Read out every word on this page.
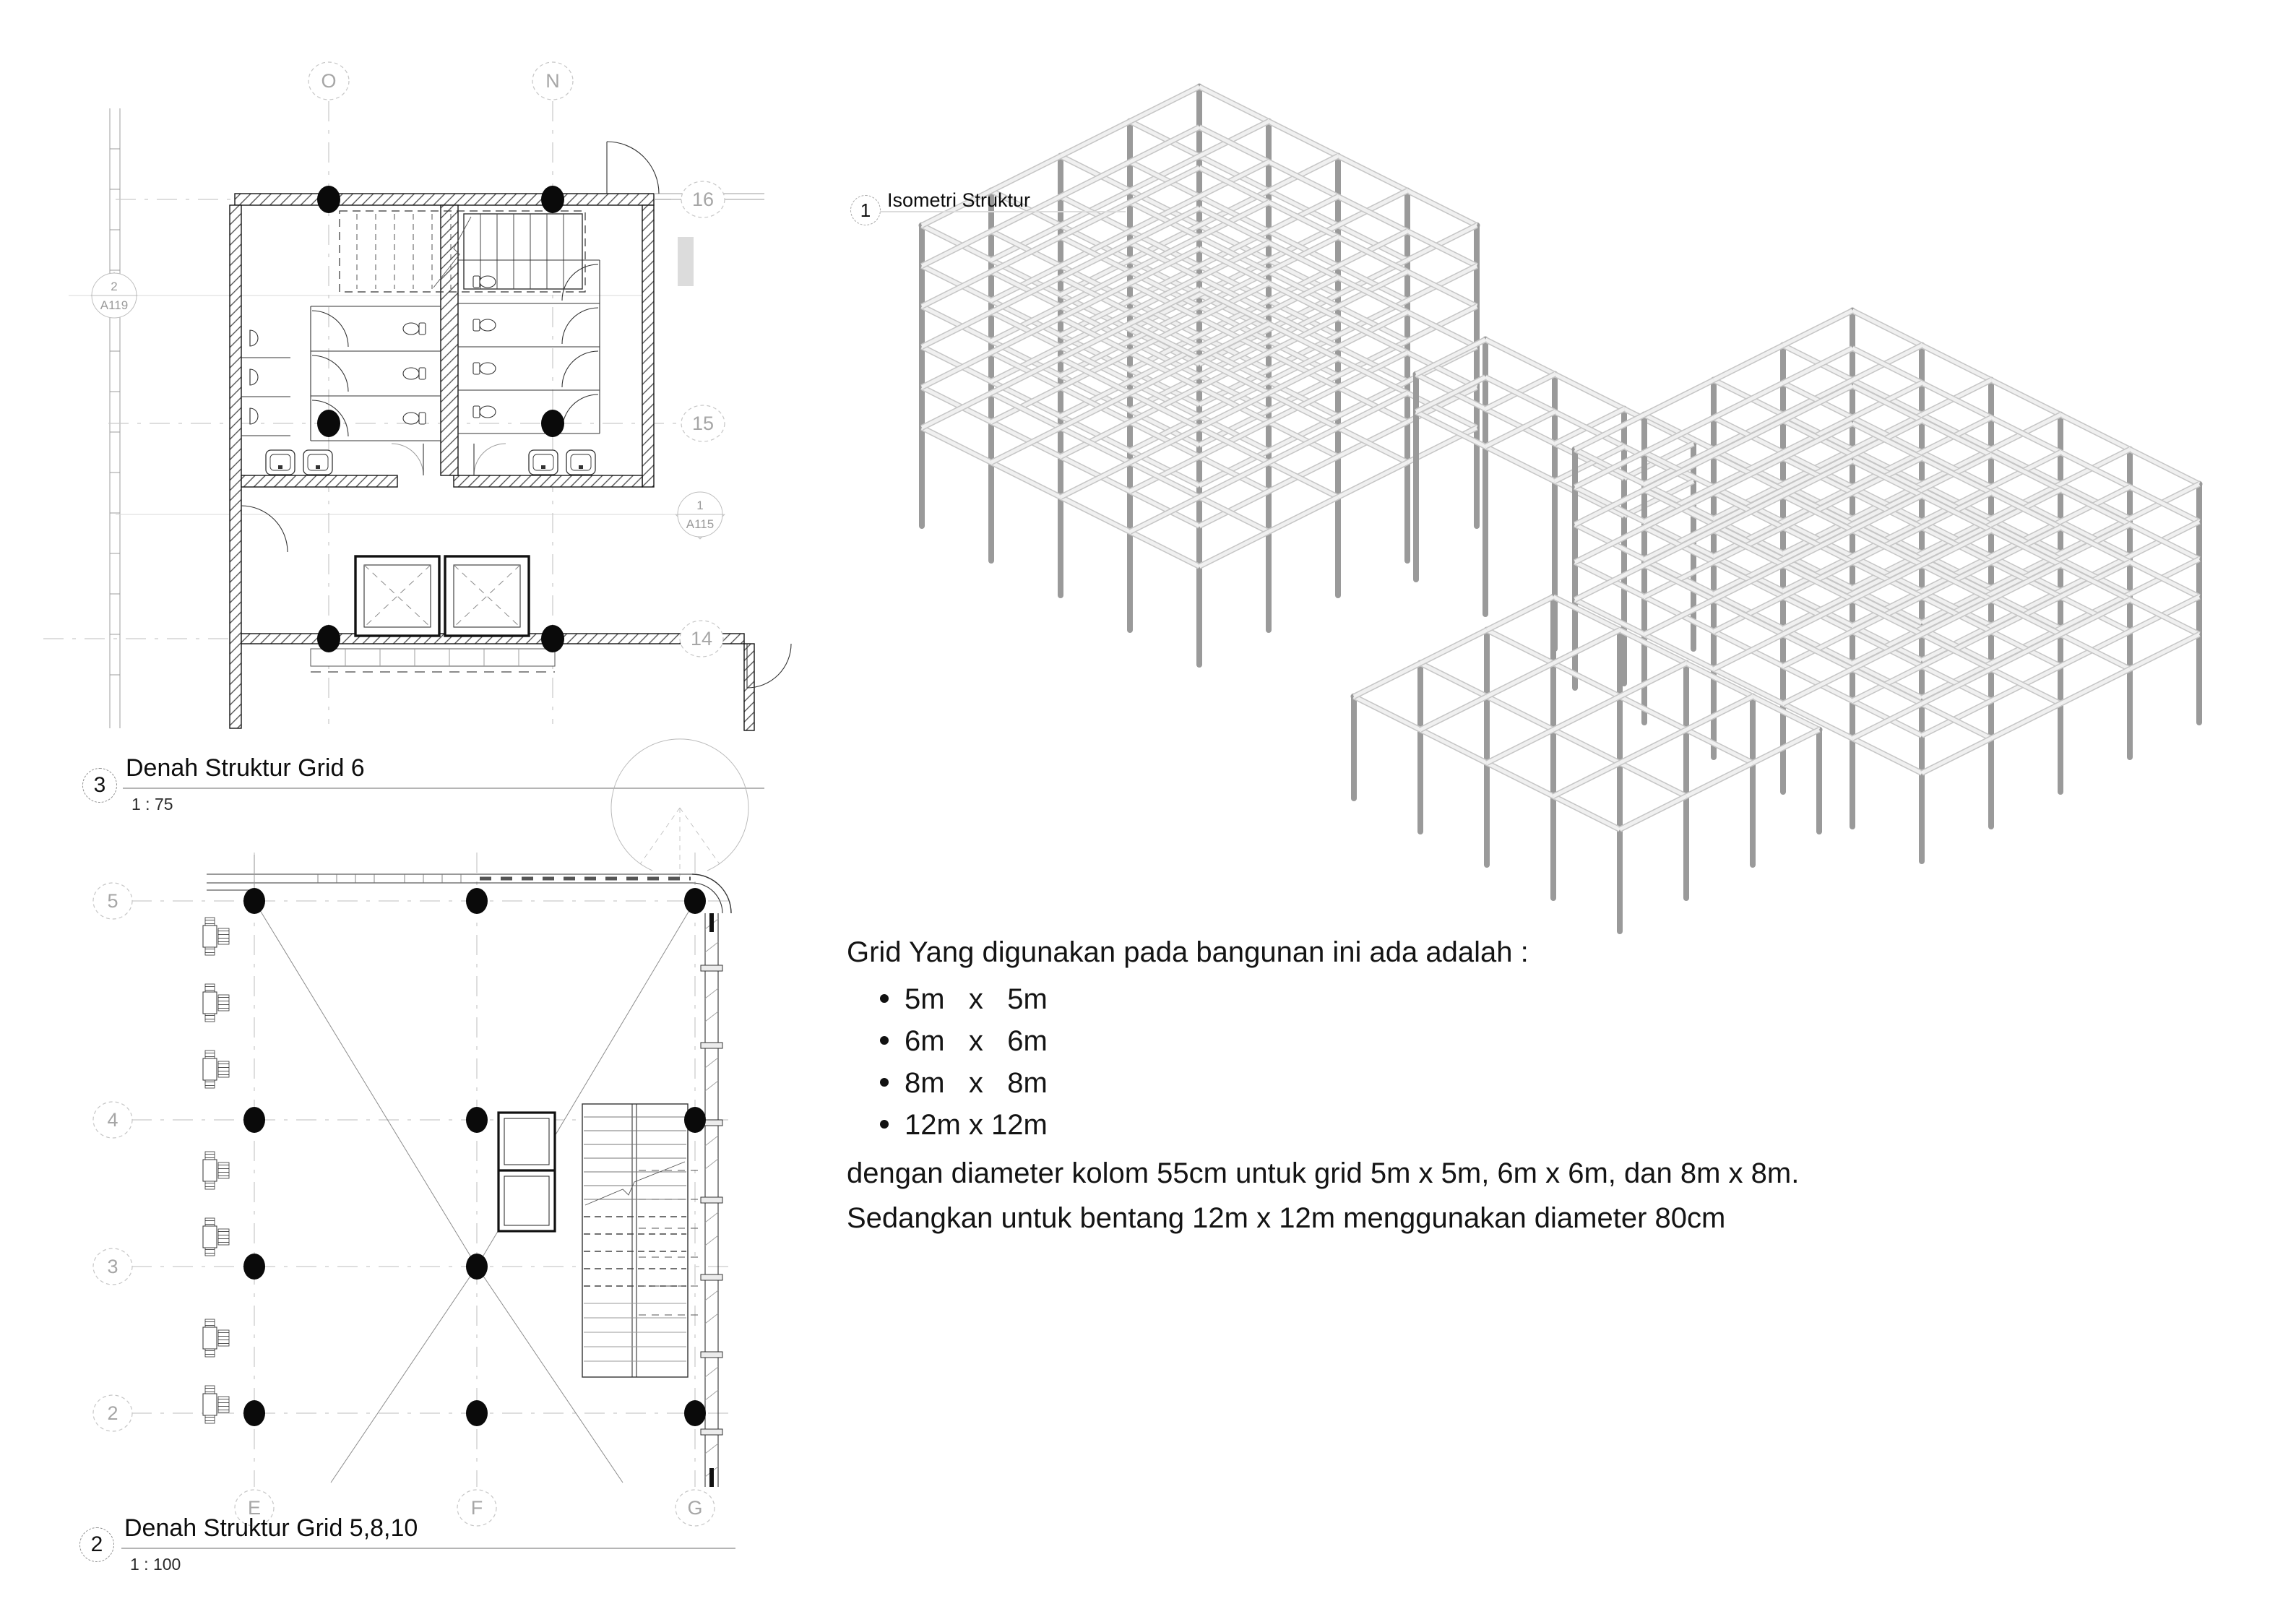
O	N
16
15
14
2
A119
1
A115
5
4
3
2
E	F	G
3
Denah Struktur Grid 6
1 : 75
2
Denah Struktur Grid 5,8,10
1 : 100
1 Isometri Struktur
Grid Yang digunakan pada bangunan ini ada adalah :
5m   x   5m
6m   x   6m
8m   x   8m
12m x 12m
dengan diameter kolom 55cm untuk grid 5m x 5m, 6m x 6m, dan 8m x 8m. Sedangkan untuk bentang 12m x 12m menggunakan diameter 80cm
